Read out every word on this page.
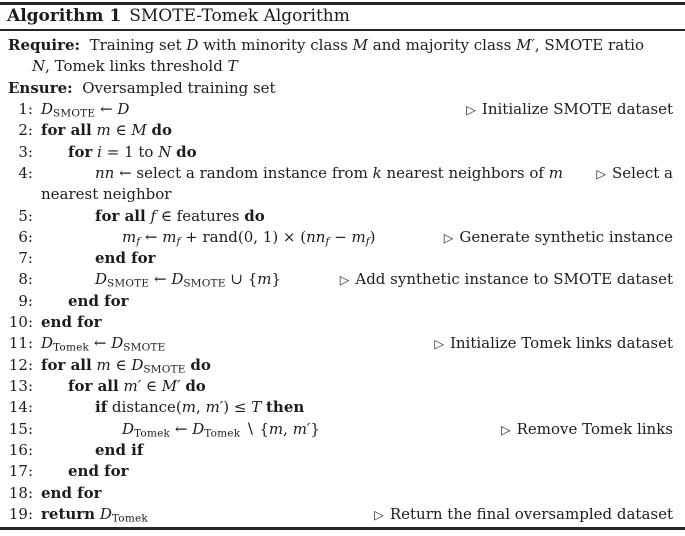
Algorithm 1 SMOTE-Tomek Algorithm
Require:  Training set D with minority class M and majority class M′, SMOTE ratio
N, Tomek links threshold T
Ensure:  Oversampled training set
1: $D_{SMOTE}$ ← D	▷ Initialize SMOTE dataset
2: for all m ∈ M do
3: for i = 1 to N do
4:	nn ← select a random instance from k nearest neighbors of m	▷ Select a
nearest neighbor
5:	for all f ∈ features do
6:	mf ← mf + rand(0, 1) × (nnf − mf)	▷ Generate synthetic instance
7:	end for
8:	$D_{SMOTE}$ ← $D_{SMOTE}$ ∪ {m}	▷ Add synthetic instance to SMOTE dataset
9: end for
10: end for
11: $D_{Tomek}$ ← $D_{SMOTE}$	▷ Initialize Tomek links dataset
12: for all m ∈ $D_{SMOTE}$ do
13: for all m′ ∈ M′ do
14:	if distance(m, m′) ≤ T then
15:	$D_{Tomek}$ ← $D_{Tomek}$ ∖ {m, m′}	▷ Remove Tomek links
16:	end if
17: end for
18: end for
19: return $D_{Tomek}$	▷ Return the final oversampled dataset
